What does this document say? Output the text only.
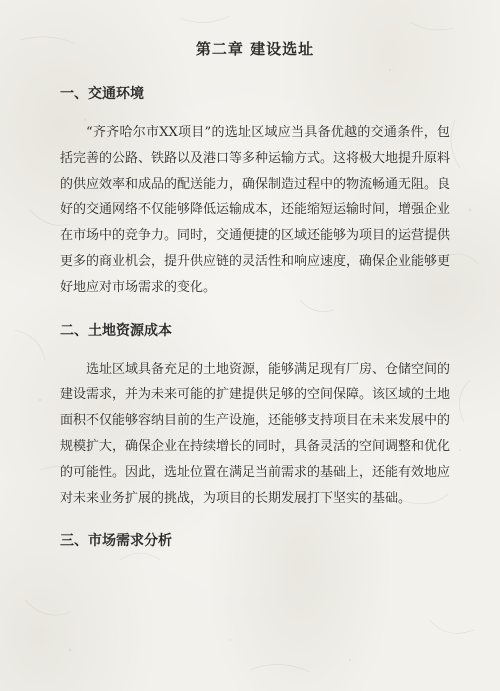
第二章 建设选址
一、交通环境

“齐齐哈尔市XX项目”的选址区域应当具备优越的交通条件，包括完善的公路、铁路以及港口等多种运输方式。这将极大地提升原料的供应效率和成品的配送能力，确保制造过程中的物流畅通无阻。良好的交通网络不仅能够降低运输成本，还能缩短运输时间，增强企业在市场中的竞争力。同时，交通便捷的区域还能够为项目的运营提供更多的商业机会，提升供应链的灵活性和响应速度，确保企业能够更好地应对市场需求的变化。

二、土地资源成本

选址区域具备充足的土地资源，能够满足现有厂房、仓储空间的建设需求，并为未来可能的扩建提供足够的空间保障。该区域的土地面积不仅能够容纳目前的生产设施，还能够支持项目在未来发展中的规模扩大，确保企业在持续增长的同时，具备灵活的空间调整和优化的可能性。因此，选址位置在满足当前需求的基础上，还能有效地应对未来业务扩展的挑战，为项目的长期发展打下坚实的基础。

三、市场需求分析
